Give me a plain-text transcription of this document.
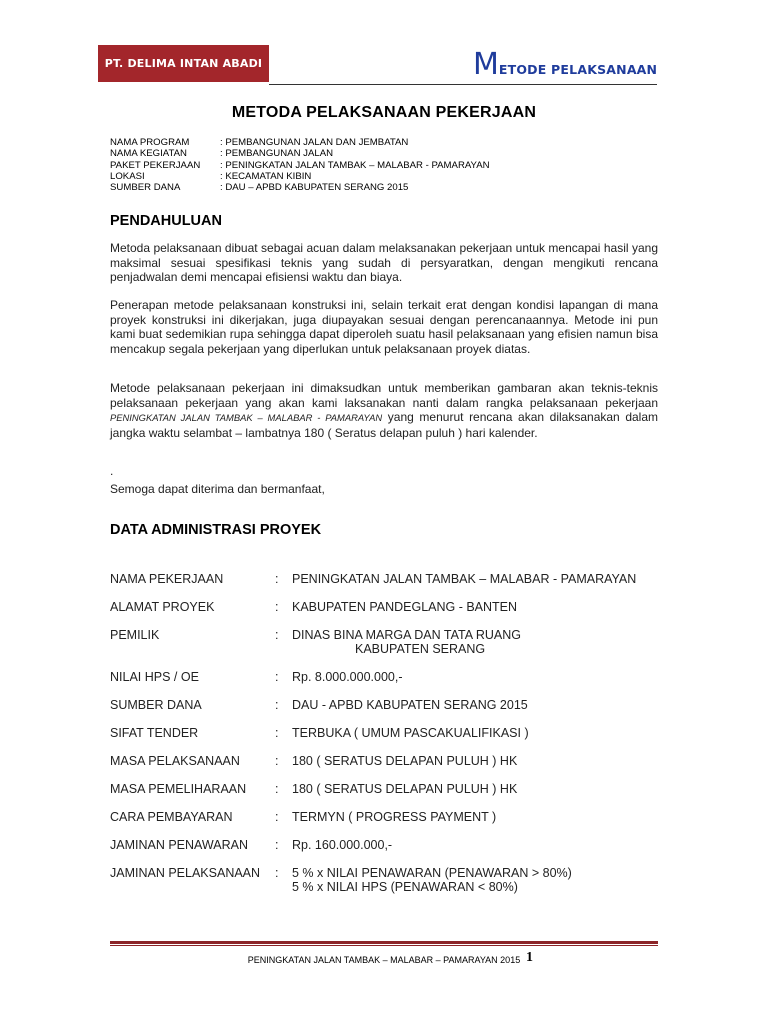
PT. DELIMA INTAN ABADI	METODE PELAKSANAAN
METODA PELAKSANAAN PEKERJAAN
NAMA PROGRAM	: PEMBANGUNAN JALAN DAN JEMBATAN
NAMA KEGIATAN	: PEMBANGUNAN JALAN
PAKET PEKERJAAN	: PENINGKATAN JALAN TAMBAK – MALABAR - PAMARAYAN
LOKASI	: KECAMATAN KIBIN
SUMBER DANA	: DAU – APBD KABUPATEN SERANG 2015
PENDAHULUAN
Metoda pelaksanaan dibuat sebagai acuan dalam melaksanakan pekerjaan untuk mencapai hasil yang maksimal sesuai spesifikasi teknis yang sudah di persyaratkan, dengan mengikuti rencana penjadwalan demi mencapai efisiensi waktu dan biaya.
Penerapan metode pelaksanaan konstruksi ini, selain terkait erat dengan kondisi lapangan di mana proyek konstruksi ini dikerjakan, juga diupayakan sesuai dengan perencanaannya. Metode ini pun kami buat sedemikian rupa sehingga dapat diperoleh suatu hasil pelaksanaan yang efisien namun bisa mencakup segala pekerjaan yang diperlukan untuk pelaksanaan proyek diatas.
Metode pelaksanaan pekerjaan ini dimaksudkan untuk memberikan gambaran akan teknis-teknis pelaksanaan pekerjaan yang akan kami laksanakan nanti dalam rangka pelaksanaan pekerjaan PENINGKATAN JALAN TAMBAK – MALABAR - PAMARAYAN yang menurut rencana akan dilaksanakan dalam jangka waktu selambat – lambatnya 180 ( Seratus delapan puluh ) hari kalender.
.
Semoga dapat diterima dan bermanfaat,
DATA ADMINISTRASI PROYEK
NAMA PEKERJAAN	:	PENINGKATAN JALAN TAMBAK – MALABAR - PAMARAYAN
ALAMAT PROYEK	:	KABUPATEN PANDEGLANG - BANTEN
PEMILIK	:	DINAS BINA MARGA DAN TATA RUANG
KABUPATEN SERANG
NILAI HPS / OE	:	Rp. 8.000.000.000,-
SUMBER DANA	:	DAU - APBD KABUPATEN SERANG 2015
SIFAT TENDER	:	TERBUKA ( UMUM PASCAKUALIFIKASI )
MASA PELAKSANAAN	:	180 ( SERATUS DELAPAN PULUH ) HK
MASA PEMELIHARAAN	:	180 ( SERATUS DELAPAN PULUH ) HK
CARA PEMBAYARAN	:	TERMYN ( PROGRESS PAYMENT )
JAMINAN PENAWARAN	:	Rp. 160.000.000,-
JAMINAN PELAKSANAAN	:	5 % x NILAI PENAWARAN (PENAWARAN > 80%)
5 % x NILAI HPS (PENAWARAN < 80%)
PENINGKATAN JALAN TAMBAK – MALABAR – PAMARAYAN 2015 1
